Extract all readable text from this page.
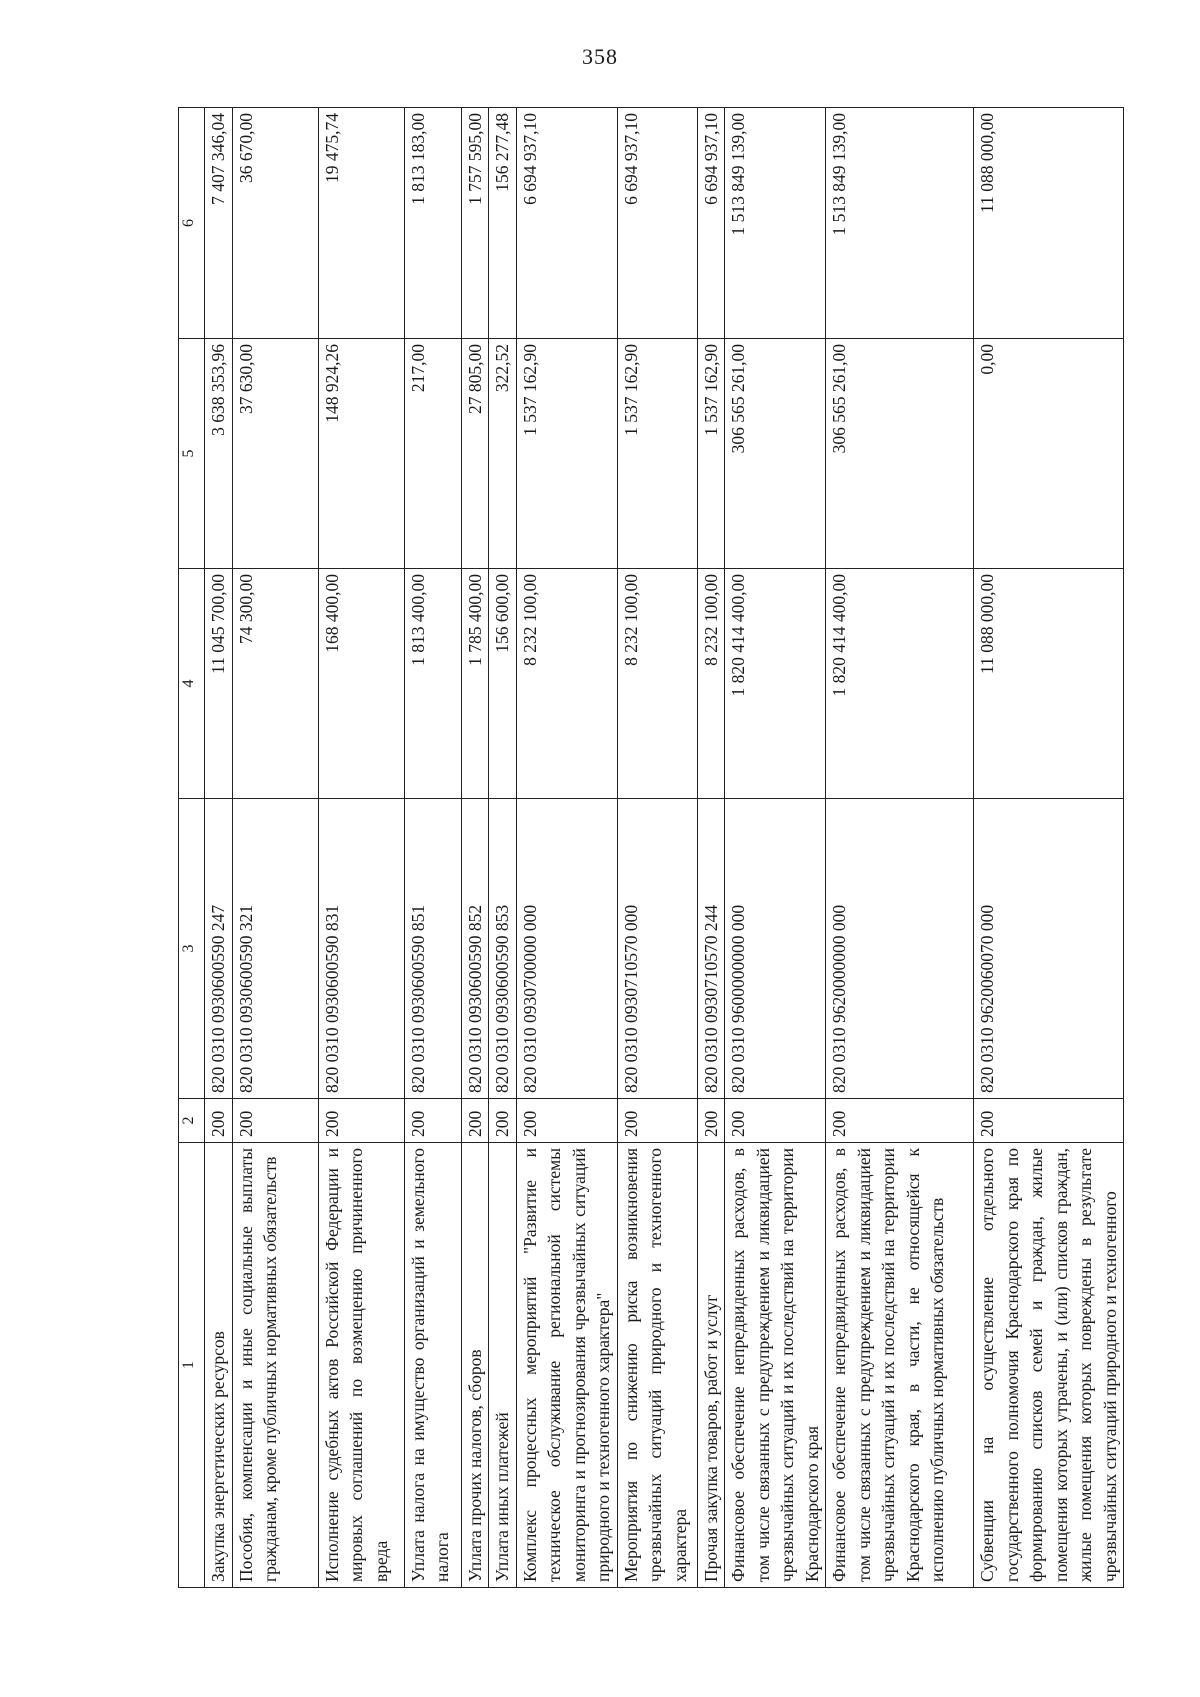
358
1	2	3	4	5	6
Закупка энергетических ресурсов	200	820 0310 0930600590 247	11 045 700,00	3 638 353,96	7 407 346,04
Пособия, компенсации и иные социальные выплаты гражданам, кроме публичных нормативных обязательств	200	820 0310 0930600590 321	74 300,00	37 630,00	36 670,00
Исполнение судебных актов Российской Федерации и мировых соглашений по возмещению причиненного вреда	200	820 0310 0930600590 831	168 400,00	148 924,26	19 475,74
Уплата налога на имущество организаций и земельного налога	200	820 0310 0930600590 851	1 813 400,00	217,00	1 813 183,00
Уплата прочих налогов, сборов	200	820 0310 0930600590 852	1 785 400,00	27 805,00	1 757 595,00
Уплата иных платежей	200	820 0310 0930600590 853	156 600,00	322,52	156 277,48
Комплекс процессных мероприятий "Развитие и техническое обслуживание региональной системы мониторинга и прогнозирования чрезвычайных ситуаций природного и техногенного характера"	200	820 0310 0930700000 000	8 232 100,00	1 537 162,90	6 694 937,10
Мероприятия по снижению риска возникновения чрезвычайных ситуаций природного и техногенного характера	200	820 0310 0930710570 000	8 232 100,00	1 537 162,90	6 694 937,10
Прочая закупка товаров, работ и услуг	200	820 0310 0930710570 244	8 232 100,00	1 537 162,90	6 694 937,10
Финансовое обеспечение непредвиденных расходов, в том числе связанных с предупреждением и ликвидацией чрезвычайных ситуаций и их последствий на территории Краснодарского края	200	820 0310 9600000000 000	1 820 414 400,00	306 565 261,00	1 513 849 139,00
Финансовое обеспечение непредвиденных расходов, в том числе связанных с предупреждением и ликвидацией чрезвычайных ситуаций и их последствий на территории Краснодарского края, в части, не относящейся к исполнению публичных нормативных обязательств	200	820 0310 9620000000 000	1 820 414 400,00	306 565 261,00	1 513 849 139,00
Субвенции на осуществление отдельного государственного полномочия Краснодарского края по формированию списков семей и граждан, жилые помещения которых утрачены, и (или) списков граждан, жилые помещения которых повреждены в результате чрезвычайных ситуаций природного и техногенного	200	820 0310 9620060070 000	11 088 000,00	0,00	11 088 000,00
